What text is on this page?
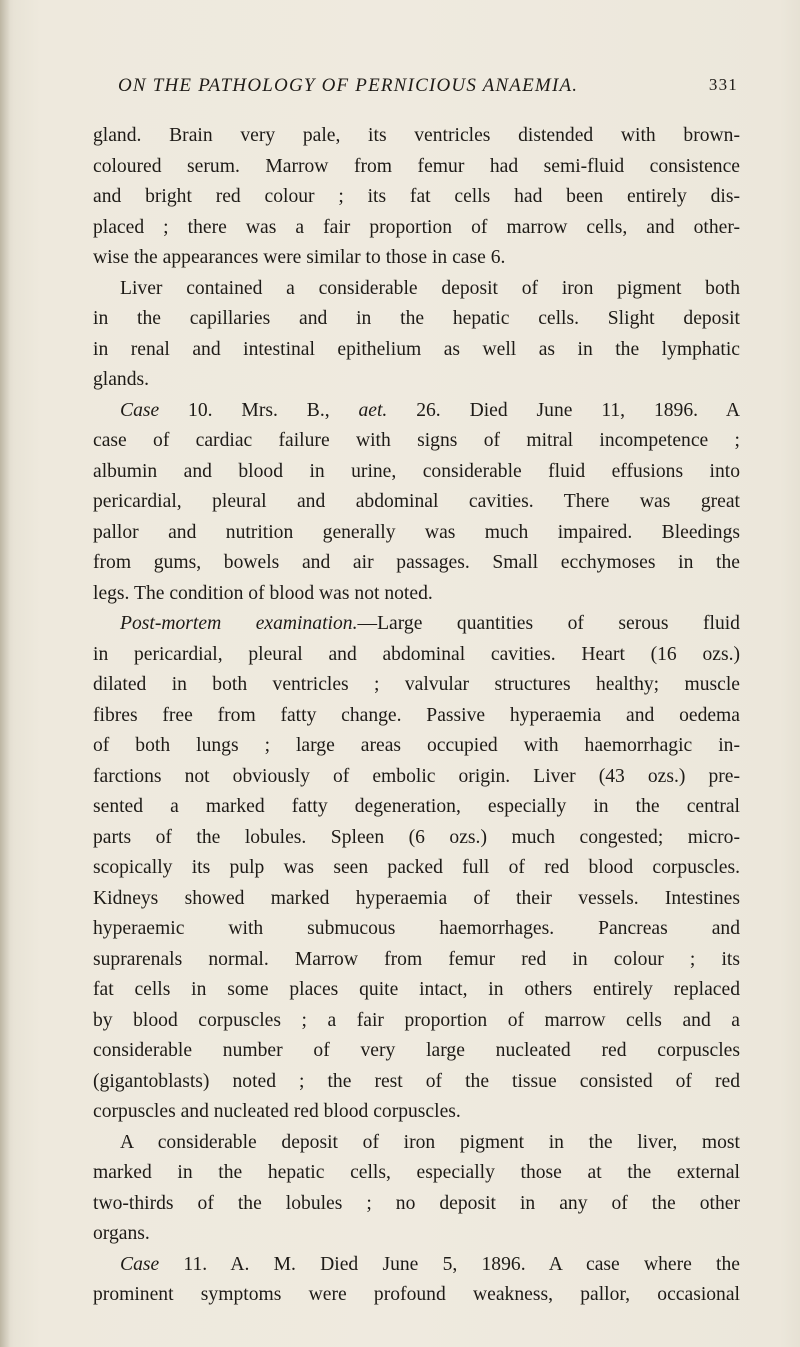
ON THE PATHOLOGY OF PERNICIOUS ANAEMIA.	331
gland. Brain very pale, its ventricles distended with brown-
coloured serum. Marrow from femur had semi-fluid consistence
and bright red colour ; its fat cells had been entirely dis-
placed ; there was a fair proportion of marrow cells, and other-
wise the appearances were similar to those in case 6.
Liver contained a considerable deposit of iron pigment both
in the capillaries and in the hepatic cells. Slight deposit
in renal and intestinal epithelium as well as in the lymphatic
glands.
Case 10. Mrs. B., aet. 26. Died June 11, 1896. A
case of cardiac failure with signs of mitral incompetence ;
albumin and blood in urine, considerable fluid effusions into
pericardial, pleural and abdominal cavities. There was great
pallor and nutrition generally was much impaired. Bleedings
from gums, bowels and air passages. Small ecchymoses in the
legs. The condition of blood was not noted.
Post-mortem examination.—Large quantities of serous fluid
in pericardial, pleural and abdominal cavities. Heart (16 ozs.)
dilated in both ventricles ; valvular structures healthy; muscle
fibres free from fatty change. Passive hyperaemia and oedema
of both lungs ; large areas occupied with haemorrhagic in-
farctions not obviously of embolic origin. Liver (43 ozs.) pre-
sented a marked fatty degeneration, especially in the central
parts of the lobules. Spleen (6 ozs.) much congested; micro-
scopically its pulp was seen packed full of red blood corpuscles.
Kidneys showed marked hyperaemia of their vessels. Intestines
hyperaemic with submucous haemorrhages. Pancreas and
suprarenals normal. Marrow from femur red in colour ; its
fat cells in some places quite intact, in others entirely replaced
by blood corpuscles ; a fair proportion of marrow cells and a
considerable number of very large nucleated red corpuscles
(gigantoblasts) noted ; the rest of the tissue consisted of red
corpuscles and nucleated red blood corpuscles.
A considerable deposit of iron pigment in the liver, most
marked in the hepatic cells, especially those at the external
two-thirds of the lobules ; no deposit in any of the other
organs.
Case 11. A. M. Died June 5, 1896. A case where the
prominent symptoms were profound weakness, pallor, occasional
